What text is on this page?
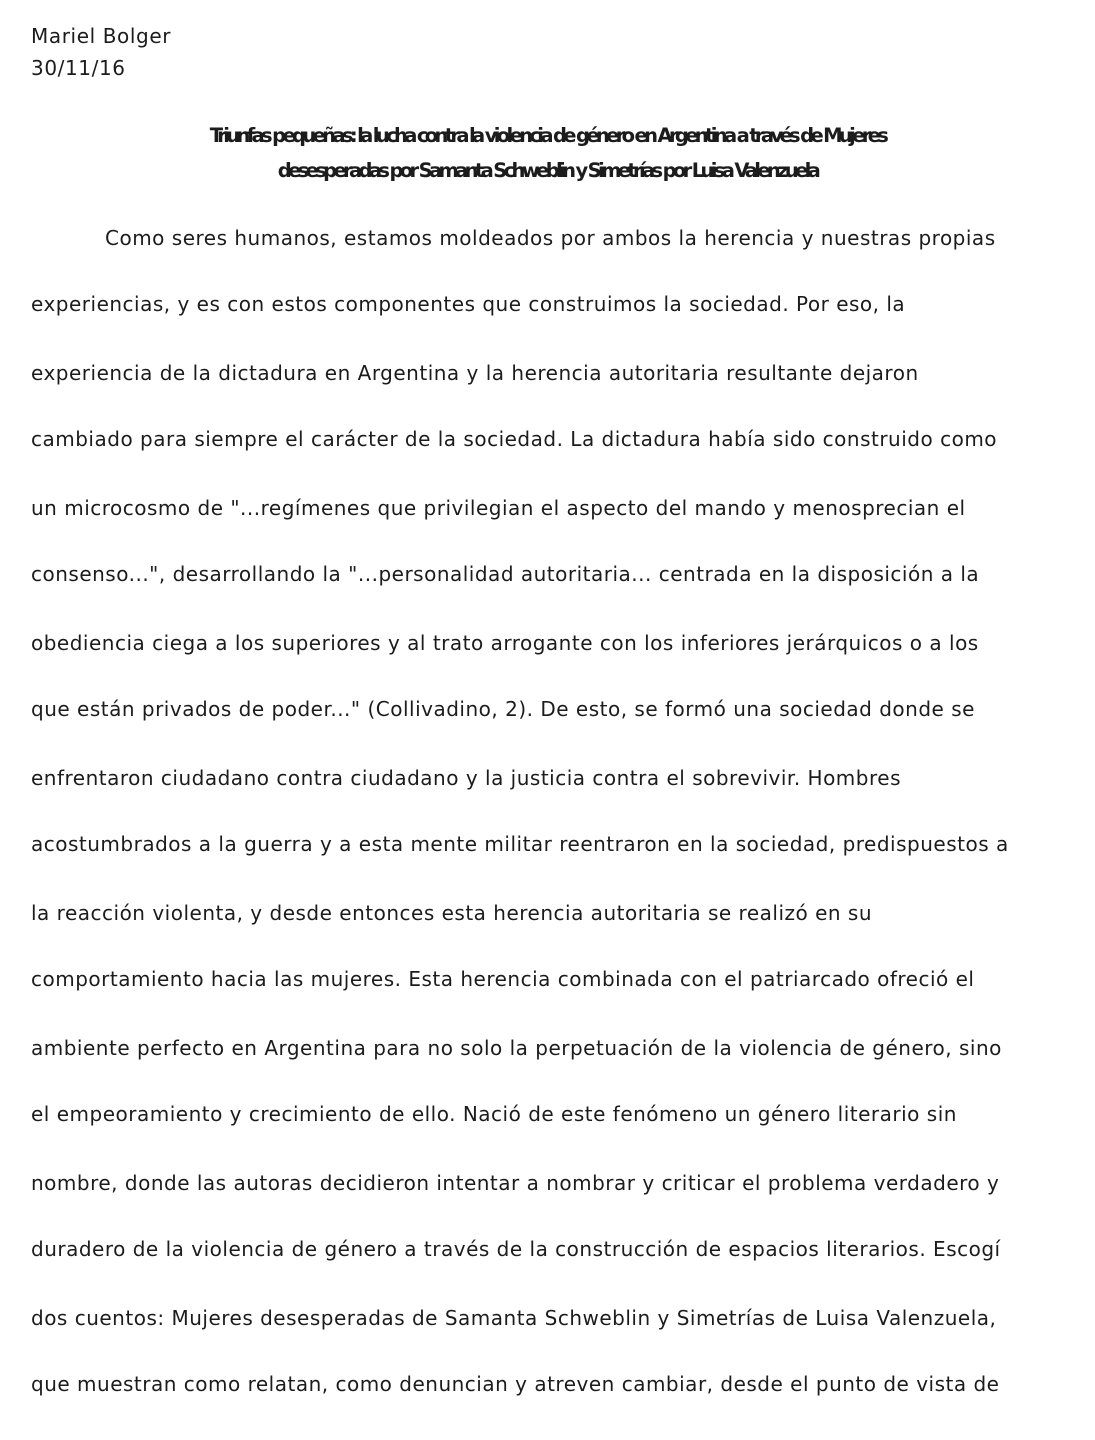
Mariel Bolger
30/11/16
Triunfas pequeñas: la lucha contra la violencia de género en Argentina a través de Mujeres
desesperadas por Samanta Schweblin y Simetrías por Luisa Valenzuela
Como seres humanos, estamos moldeados por ambos la herencia y nuestras propias
experiencias, y es con estos componentes que construimos la sociedad. Por eso, la
experiencia de la dictadura en Argentina y la herencia autoritaria resultante dejaron
cambiado para siempre el carácter de la sociedad. La dictadura había sido construido como
un microcosmo de "...regímenes que privilegian el aspecto del mando y menosprecian el
consenso...", desarrollando la "...personalidad autoritaria... centrada en la disposición a la
obediencia ciega a los superiores y al trato arrogante con los inferiores jerárquicos o a los
que están privados de poder..." (Collivadino, 2). De esto, se formó una sociedad donde se
enfrentaron ciudadano contra ciudadano y la justicia contra el sobrevivir. Hombres
acostumbrados a la guerra y a esta mente militar reentraron en la sociedad, predispuestos a
la reacción violenta, y desde entonces esta herencia autoritaria se realizó en su
comportamiento hacia las mujeres. Esta herencia combinada con el patriarcado ofreció el
ambiente perfecto en Argentina para no solo la perpetuación de la violencia de género, sino
el empeoramiento y crecimiento de ello. Nació de este fenómeno un género literario sin
nombre, donde las autoras decidieron intentar a nombrar y criticar el problema verdadero y
duradero de la violencia de género a través de la construcción de espacios literarios. Escogí
dos cuentos: Mujeres desesperadas de Samanta Schweblin y Simetrías de Luisa Valenzuela,
que muestran como relatan, como denuncian y atreven cambiar, desde el punto de vista de
